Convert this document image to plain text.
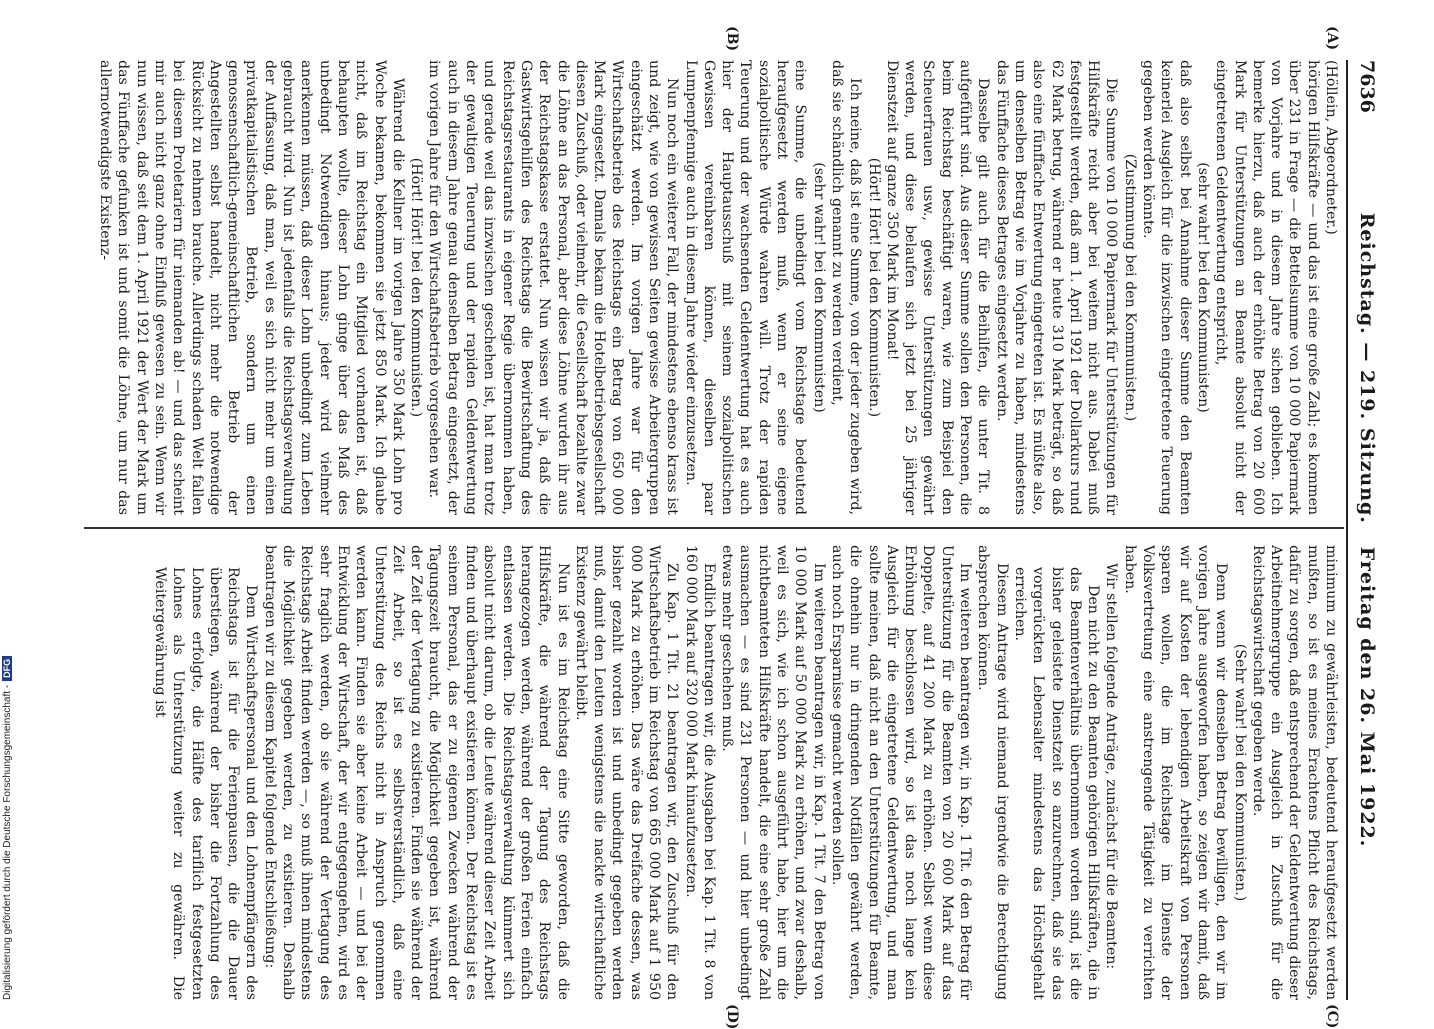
7636
Reichstag. — 219. Sitzung.   Freitag den 26. Mai 1922.
(A)
(B)
(C)
(D)

(Höllein, Abgeordneter.)

hörigen Hilfskräfte — und das ist eine große Zahl; es kommen über 231 in Frage — die Bettelsumme von 10 000 Papiermark von Vorjahre und in diesem Jahre sichen geblieben. Ich bemerke hierzu, daß auch der erhöhte Betrag von 20 600 Mark für Unterstützungen an Beamte absolut nicht der eingetretenen Geldentwertung entspricht,

(sehr wahr! bei den Kommunisten)

daß also selbst bei Annahme dieser Summe den Beamten keinerlei Ausgleich für die inzwischen eingetretene Teuerung gegeben werden könnte.

(Zustimmung bei den Kommunisten.)

Die Summe von 10 000 Papiermark für Unterstützungen für Hilfskräfte reicht aber bei weitem nicht aus. Dabei muß festgestellt werden, daß am 1. April 1921 der Dollarkurs rund 62 Mark betrug, während er heute 310 Mark beträgt, so daß also eine fünffache Entwertung eingetreten ist. Es müßte also, um denselben Betrag wie im Vorjahre zu haben, mindestens das Fünffache dieses Betrages eingesetzt werden.

Dasselbe gilt auch für die Beihilfen, die unter Tit. 8 aufgeführt sind. Aus dieser Summe sollen den Personen, die beim Reichstag beschäftigt waren, wie zum Beispiel den Scheuerfrauen usw., gewisse Unterstützungen gewährt werden, und diese belaufen sich jetzt bei 25 jähriger Dienstzeit auf ganze 350 Mark im Monat!

(Hört! Hört! bei den Kommunisten.)

Ich meine, daß ist eine Summe, von der jeder zugeben wird, daß sie schändlich genannt zu werden verdient,

(sehr wahr! bei den Kommunisten)

eine Summe, die unbedingt vom Reichstage bedeutend heraufgesetzt werden muß, wenn er seine eigene sozialpolitische Würde wahren will. Trotz der rapiden Teuerung und der wachsenden Geldentwertung hat es auch hier der Hauptausschuß mit seinem sozialpolitischen Gewissen vereinbaren können, dieselben paar Lumpenpfennige auch in diesem Jahre wieder einzusetzen.

Nun noch ein weiterer Fall, der mindestens ebenso krass ist und zeigt, wie von gewissen Seiten gewisse Arbeitergruppen eingeschätzt werden. Im vorigen Jahre war für den Wirtschaftsbetrieb des Reichstags ein Betrag von 650 000 Mark eingesetzt. Damals bekam die Hotelbetriebsgesellschaft diesen Zuschuß, oder vielmehr, die Gesellschaft bezahlte zwar die Löhne an das Personal, aber diese Löhne wurden ihr aus der Reichstagskasse erstattet. Nun wissen wir ja, daß die Gastwirtsgehilfen des Reichstags die Bewirtschaftung des Reichstagsrestaurants in eigener Regie übernommen haben, und gerade weil das inzwischen geschehen ist, hat man trotz der gewaltigen Teuerung und der rapiden Geldentwertung auch in diesem Jahre genau denselben Betrag eingesetzt, der im vorigen Jahre für den Wirtschaftsbetrieb vorgesehen war.

(Hört! Hört! bei den Kommunisten.)

Während die Kellner im vorigen Jahre 350 Mark Lohn pro Woche bekamen, bekommen sie jetzt 850 Mark. Ich glaube nicht, daß im Reichstag ein Mitglied vorhanden ist, daß behaupten wollte, dieser Lohn ginge über das Maß des unbedingt Notwendigen hinaus; jeder wird vielmehr anerkennen müssen, daß dieser Lohn unbedingt zum Leben gebraucht wird. Nun ist jedenfalls die Reichstagsverwaltung der Auffassung, daß man, weil es sich nicht mehr um einen privatkapitalistischen Betrieb, sondern um einen genossenschaftlich-gemeinschaftlichen Betrieb der Angestellten selbst handelt, nicht mehr die notwendige Rücksicht zu nehmen brauche. Allerdings schaden Welt fallen bei diesem Proletariern für niemanden ab! — und das scheint mir auch nicht ganz ohne Einfluß gewesen zu sein. Wenn wir nun wissen, daß seit dem 1. April 1921 der Wert der Mark um das Fünffache gefunken ist und somit die Löhne, um nur das allernotwendigste Existenz-

minimum zu gewährleisten, bedeutend heraufgesetzt werden mußten, so ist es meines Erachtens Pflicht des Reichstags, dafür zu sorgen, daß entsprechend der Geldentwertung dieser Arbeitnehmergruppe ein Ausgleich in Zuschuß für die Reichstagswirtschaft gegeben werde.

(Sehr wahr! bei den Kommunisten.)

Denn wenn wir denselben Betrag bewilligen, den wir im vorigen Jahre ausgeworfen haben, so zeigen wir damit, daß wir auf Kosten der lebendigen Arbeitskraft von Personen sparen wollen, die im Reichstage im Dienste der Volksvertretung eine anstrengende Tätigkeit zu verrichten haben.

Wir stellen folgende Anträge, zunächst für die Beamten:

Den nicht zu den Beamten gehörigen Hilfskräften, die in das Beamtenverhältnis übernommen worden sind, ist die bisher geleistete Dienstzeit so anzurechnen, daß sie das vorgerückten Lebensalter mindestens das Höchstgehalt erreichen.

Diesem Antrage wird niemand irgendwie die Berechtigung absprechen können.

Im weiteren beantragen wir, in Kap. 1 Tit. 6 den Betrag für Unterstützung für die Beamten von 20 600 Mark auf das Doppelte, auf 41 200 Mark zu erhöhen. Selbst wenn diese Erhöhung beschlossen wird, so ist das noch lange kein Ausgleich für die eingetretene Geldentwertung, und man sollte meinen, daß nicht an den Unterstützungen für Beamte, die ohnehin nur in dringenden Notfällen gewährt werden, auch noch Ersparnisse gemacht werden sollen.

Im weiteren beantragen wir, in Kap. 1 Tit. 7 den Betrag von 10 000 Mark auf 50 000 Mark zu erhöhen, und zwar deshalb, weil es sich, wie ich schon ausgeführt habe, hier um die nichtbeamteten Hilfskräfte handelt, die eine sehr große Zahl ausmachen — es sind 231 Personen — und hier unbedingt etwas mehr geschehen muß.

Endlich beantragen wir, die Ausgaben bei Kap. 1 Tit. 8 von 160 000 Mark auf 320 000 Mark hinaufzusetzen.

Zu Kap. 1 Tit. 21 beantragen wir, den Zuschuß für den Wirtschaftsbetrieb im Reichstag von 665 000 Mark auf 1 950 000 Mark zu erhöhen. Das wäre das Dreifache dessen, was bisher gezahlt worden ist und unbedingt gegeben werden muß, damit den Leuten wenigstens die nackte wirtschaftliche Existenz gewährt bleibt.

Nun ist es im Reichstag eine Sitte geworden, daß die Hilfskräfte, die während der Tagung des Reichstags herangezogen werden, während der großen Ferien einfach entlassen werden. Die Reichstagsverwaltung kümmert sich absolut nicht darum, ob die Leute während dieser Zeit Arbeit finden und überhaupt existieren können. Der Reichstag ist es seinem Personal, das er zu eigenen Zwecken während der Tagungszeit braucht, die Möglichkeit gegeben ist, während der Zeit der Vertagung zu existieren. Finden sie während der Zeit Arbeit, so ist es selbstverständlich, daß eine Unterstützung des Reichs nicht in Anspruch genommen werden kann. Finden sie aber keine Arbeit — und bei der Entwicklung der Wirtschaft, der wir entgegengehen, wird es sehr fraglich werden, ob sie während der Vertagung des Reichstags Arbeit finden werden —, so muß ihnen mindestens die Möglichkeit gegeben werden, zu existieren. Deshalb beantragen wir zu diesem Kapitel folgende Entschließung:

Dem Wirtschaftspersonal und den Lohnempfängern des Reichstags ist für die Ferienpausen, die die Dauer überstiegen, während der bisher die Fortzahlung des Lohnes erfolgte, die Hälfte des tariflich festgesetzten Lohnes als Unterstützung weiter zu gewähren. Die Weitergewährung ist

Digitalisierung gefördert durch die Deutsche Forschungsgemeinschaft -DFG
